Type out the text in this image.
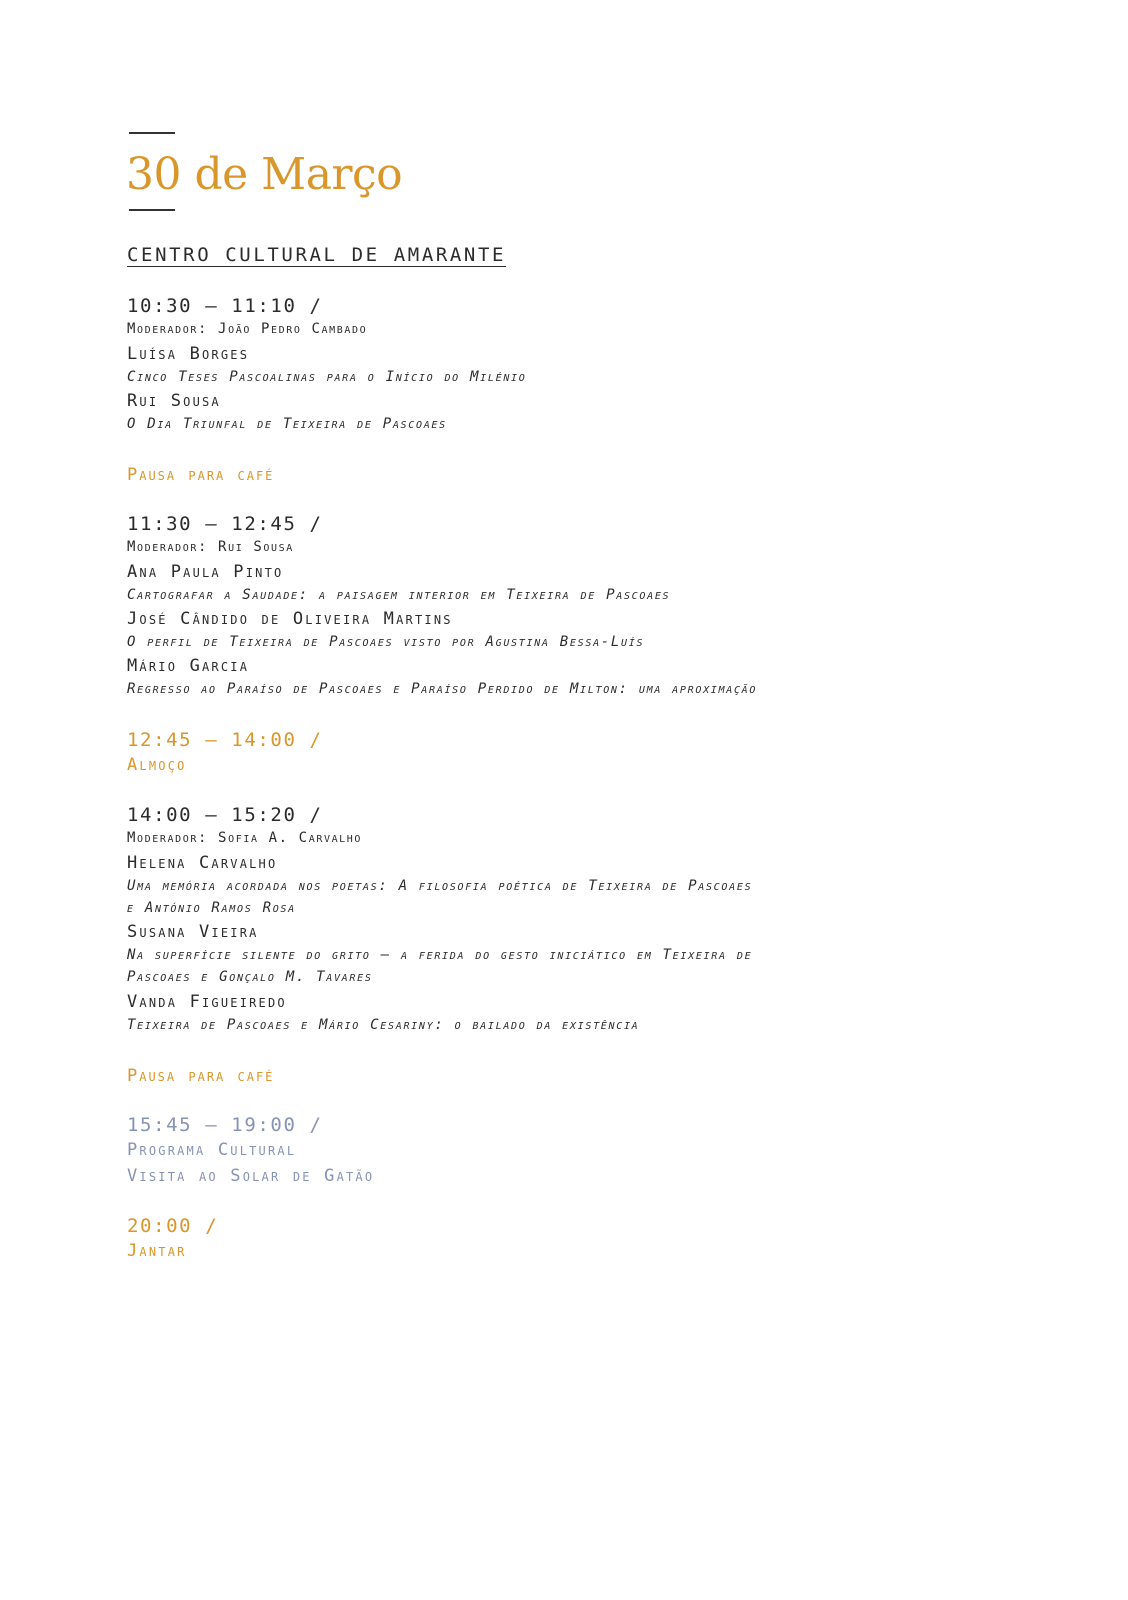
30 de Março
CENTRO CULTURAL DE AMARANTE
10:30 – 11:10 /
Moderador: João Pedro Cambado
Luísa Borges
Cinco Teses Pascoalinas para o Início do Milénio
Rui Sousa
O Dia Triunfal de Teixeira de Pascoaes
Pausa para café
11:30 – 12:45 /
Moderador: Rui Sousa
Ana Paula Pinto
Cartografar a Saudade: a paisagem interior em Teixeira de Pascoaes
José Cândido de Oliveira Martins
O perfil de Teixeira de Pascoaes visto por Agustina Bessa-Luís
Mário Garcia
Regresso ao Paraíso de Pascoaes e Paraíso Perdido de Milton: uma aproximação
12:45 – 14:00 /
Almoço
14:00 – 15:20 /
Moderador: Sofia A. Carvalho
Helena Carvalho
Uma memória acordada nos poetas: A filosofia poética de Teixeira de Pascoaes
e António Ramos Rosa
Susana Vieira
Na superfície silente do grito – a ferida do gesto iniciático em Teixeira de
Pascoaes e Gonçalo M. Tavares
Vanda Figueiredo
Teixeira de Pascoaes e Mário Cesariny: o bailado da existência
Pausa para café
15:45 – 19:00 /
Programa Cultural
Visita ao Solar de Gatão
20:00 /
Jantar
